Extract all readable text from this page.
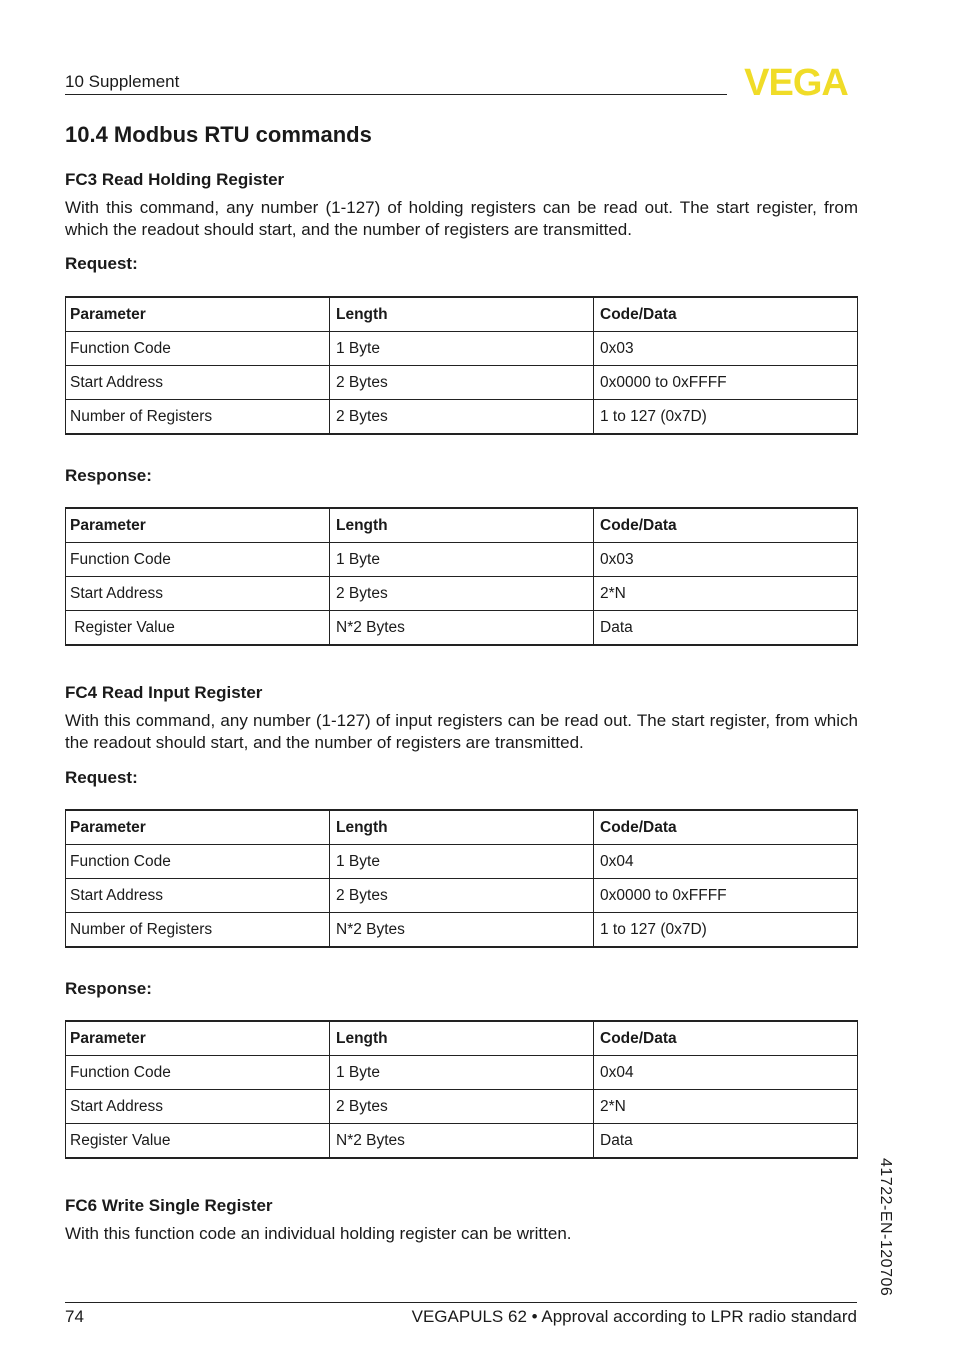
10 Supplement	VEGA
10.4 Modbus RTU commands
FC3 Read Holding Register
With this command, any number (1-127) of holding registers can be read out. The start register, from which the readout should start, and the number of registers are transmitted.
Request:
Parameter	Length	Code/Data
Function Code	1 Byte	0x03
Start Address	2 Bytes	0x0000 to 0xFFFF
Number of Registers	2 Bytes	1 to 127 (0x7D)
Response:
Parameter	Length	Code/Data
Function Code	1 Byte	0x03
Start Address	2 Bytes	2*N
Register Value	N*2 Bytes	Data
FC4 Read Input Register
With this command, any number (1-127) of input registers can be read out. The start register, from which the readout should start, and the number of registers are transmitted.
Request:
Parameter	Length	Code/Data
Function Code	1 Byte	0x04
Start Address	2 Bytes	0x0000 to 0xFFFF
Number of Registers	N*2 Bytes	1 to 127 (0x7D)
Response:
Parameter	Length	Code/Data
Function Code	1 Byte	0x04
Start Address	2 Bytes	2*N
Register Value	N*2 Bytes	Data
FC6 Write Single Register
With this function code an individual holding register can be written.	41722-EN-120706
74	VEGAPULS 62 • Approval according to LPR radio standard
